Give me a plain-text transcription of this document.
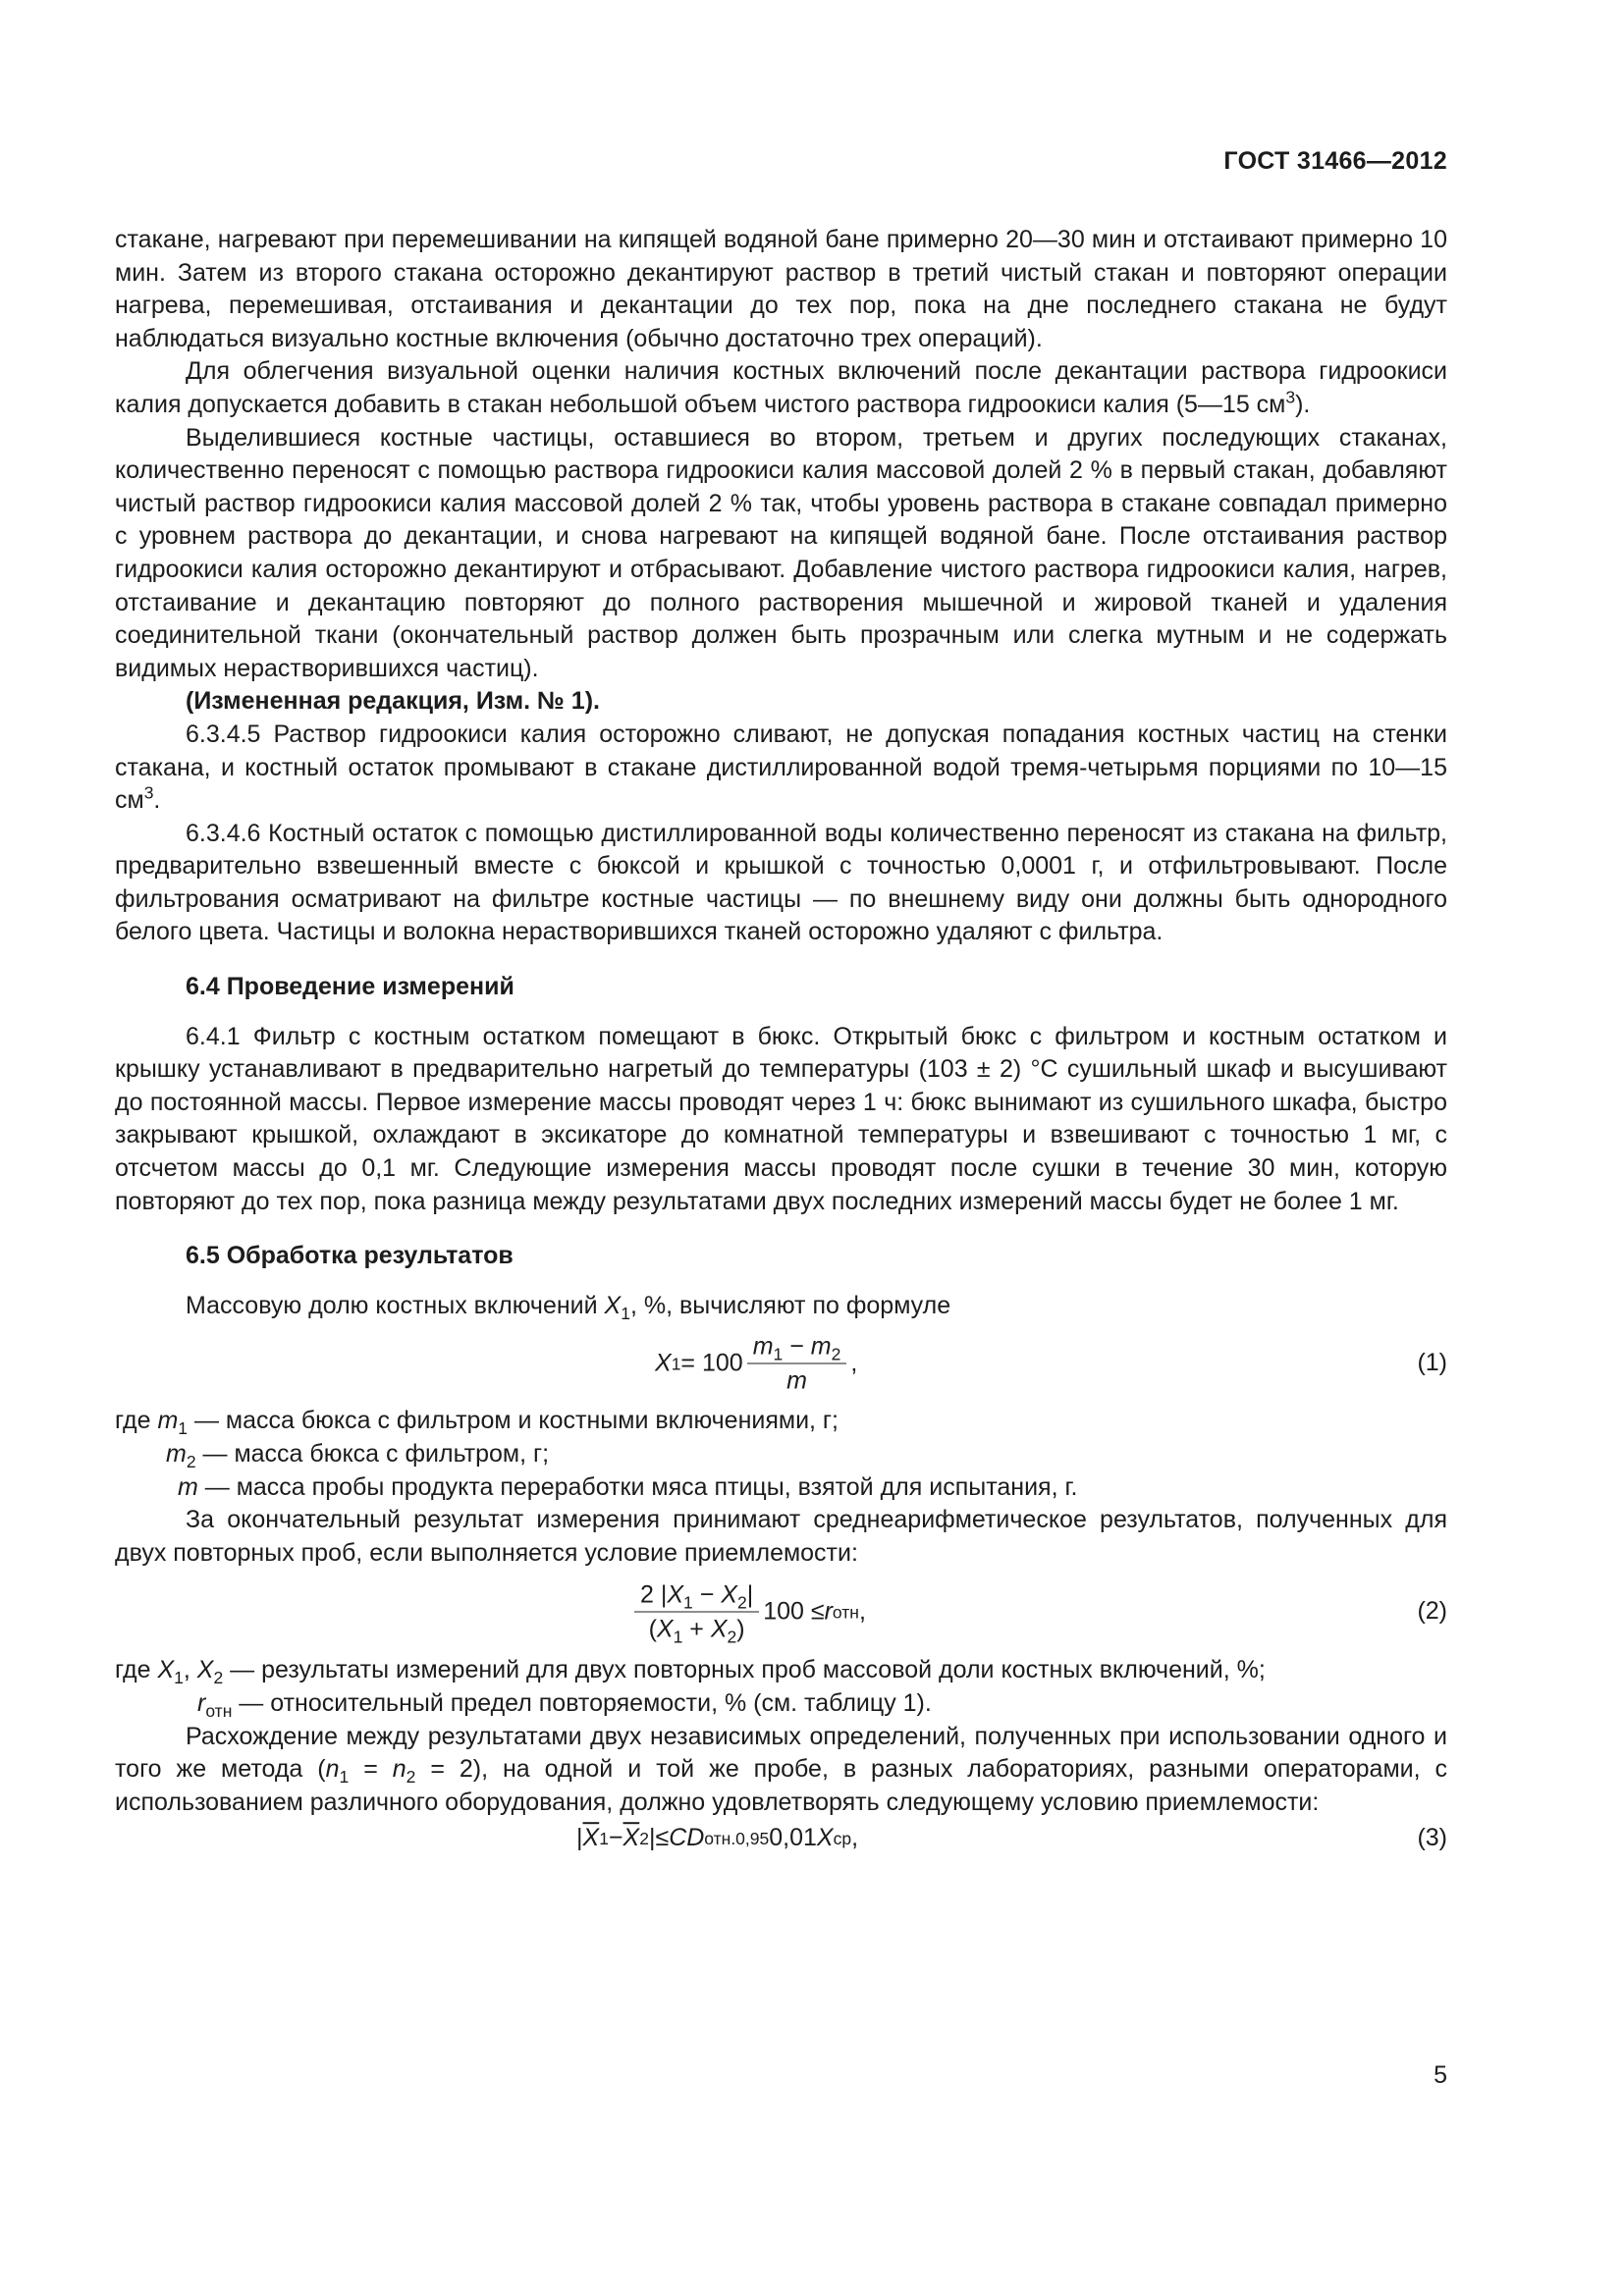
ГОСТ 31466—2012

стакане, нагревают при перемешивании на кипящей водяной бане примерно 20—30 мин и отстаивают примерно 10 мин. Затем из второго стакана осторожно декантируют раствор в третий чистый стакан и повторяют операции нагрева, перемешивая, отстаивания и декантации до тех пор, пока на дне последнего стакана не будут наблюдаться визуально костные включения (обычно достаточно трех операций).

Для облегчения визуальной оценки наличия костных включений после декантации раствора гидроокиси калия допускается добавить в стакан небольшой объем чистого раствора гидроокиси калия (5—15 $см^3$).

Выделившиеся костные частицы, оставшиеся во втором, третьем и других последующих стаканах, количественно переносят с помощью раствора гидроокиси калия массовой долей 2 % в первый стакан, добавляют чистый раствор гидроокиси калия массовой долей 2 % так, чтобы уровень раствора в стакане совпадал примерно с уровнем раствора до декантации, и снова нагревают на кипящей водяной бане. После отстаивания раствор гидроокиси калия осторожно декантируют и отбрасывают. Добавление чистого раствора гидроокиси калия, нагрев, отстаивание и декантацию повторяют до полного растворения мышечной и жировой тканей и удаления соединительной ткани (окончательный раствор должен быть прозрачным или слегка мутным и не содержать видимых нерастворившихся частиц).

(Измененная редакция, Изм. № 1).

6.3.4.5 Раствор гидроокиси калия осторожно сливают, не допуская попадания костных частиц на стенки стакана, и костный остаток промывают в стакане дистиллированной водой тремя-четырьмя порциями по 10—15 $см^3$.

6.3.4.6 Костный остаток с помощью дистиллированной воды количественно переносят из стакана на фильтр, предварительно взвешенный вместе с бюксой и крышкой с точностью 0,0001 г, и отфильтровывают. После фильтрования осматривают на фильтре костные частицы — по внешнему виду они должны быть однородного белого цвета. Частицы и волокна нерастворившихся тканей осторожно удаляют с фильтра.

6.4 Проведение измерений

6.4.1 Фильтр с костным остатком помещают в бюкс. Открытый бюкс с фильтром и костным остатком и крышку устанавливают в предварительно нагретый до температуры (103 ± 2) °С сушильный шкаф и высушивают до постоянной массы. Первое измерение массы проводят через 1 ч: бюкс вынимают из сушильного шкафа, быстро закрывают крышкой, охлаждают в эксикаторе до комнатной температуры и взвешивают с точностью 1 мг, с отсчетом массы до 0,1 мг. Следующие измерения массы проводят после сушки в течение 30 мин, которую повторяют до тех пор, пока разница между результатами двух последних измерений массы будет не более 1 мг.

6.5 Обработка результатов

Массовую долю костных включений $X_1$, %, вычисляют по формуле

X $1 = 100 \frac{m_1 - m_2}{m}$ ,	(1)

где $m_1$ — масса бюкса с фильтром и костными включениями, г;

$m_2$ — масса бюкса с фильтром, г;

m — масса пробы продукта переработки мяса птицы, взятой для испытания, г.

За окончательный результат измерения принимают среднеарифметическое результатов, полученных для двух повторных проб, если выполняется условие приемлемости:

$\frac{2 |X_1 - X_2|}{(X_1 + X_2)} 100 \le r$ отн ,	(2)

где $X_1$, $X_2$ — результаты измерений для двух повторных проб массовой доли костных включений, %;

$r_{отн}$ — относительный предел повторяемости, % (см. таблицу 1).

Расхождение между результатами двух независимых определений, полученных при использовании одного и того же метода $(n_1 = n_2 = 2)$, на одной и той же пробе, в разных лабораториях, разными операторами, с использованием различного оборудования, должно удовлетворять следующему условию приемлемости:

| $\overline{X}$ $1 - \overline{X}$ 2 | ≤ CD отн.0,95 0,01 X ср ,	(3)
5
